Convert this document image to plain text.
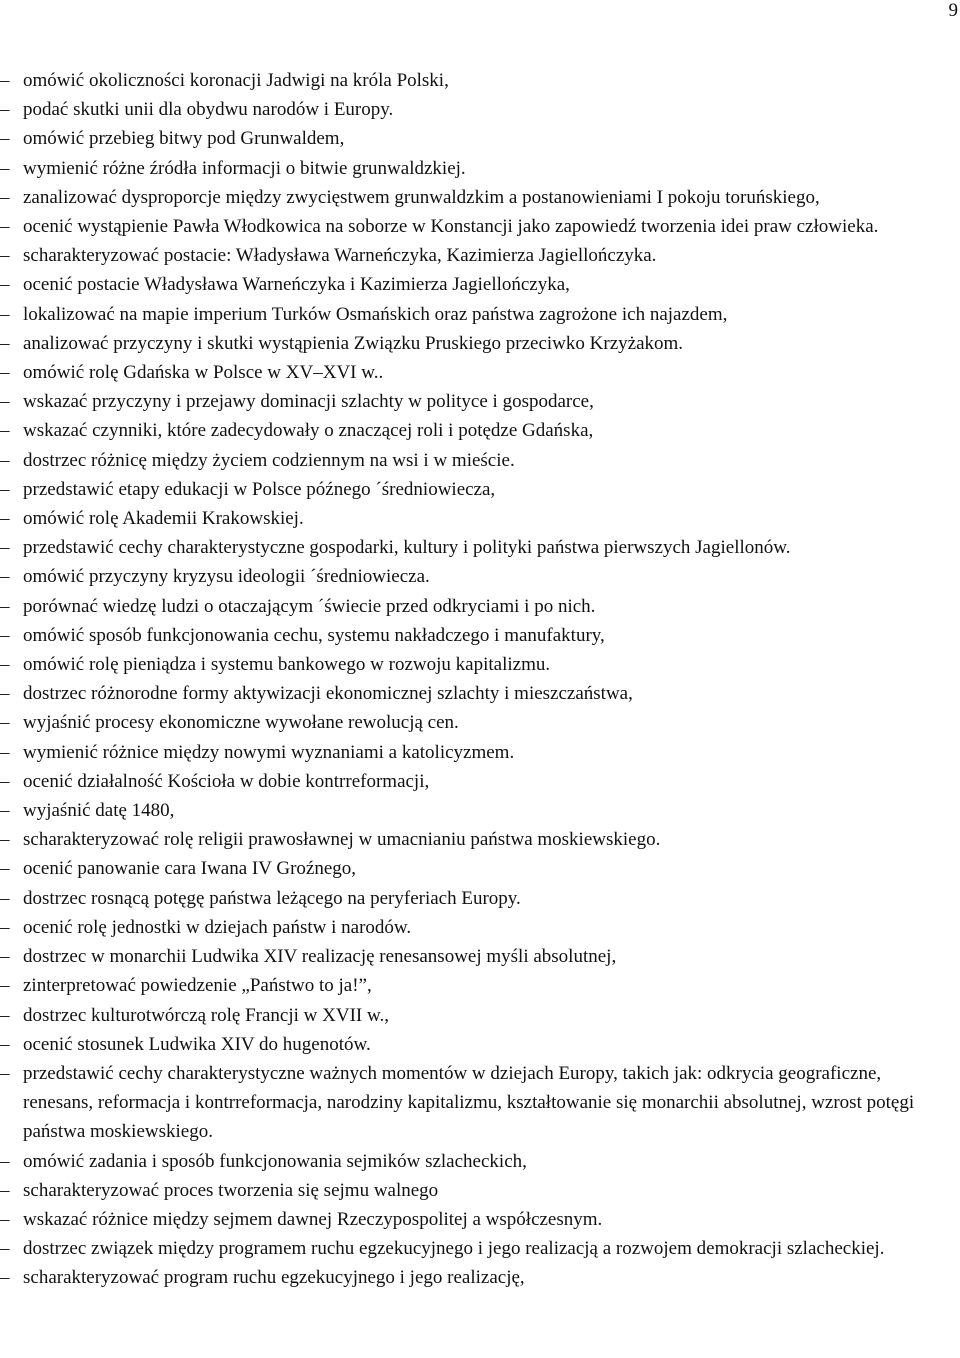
9
– omówić okoliczności koronacji Jadwigi na króla Polski,
– podać skutki unii dla obydwu narodów i Europy.
– omówić przebieg bitwy pod Grunwaldem,
– wymienić różne źródła informacji o bitwie grunwaldzkiej.
– zanalizować dysproporcje między zwycięstwem grunwaldzkim a postanowieniami I pokoju toruńskiego,
– ocenić wystąpienie Pawła Włodkowica na soborze w Konstancji jako zapowiedź tworzenia idei praw człowieka.
– scharakteryzować postacie: Władysława Warneńczyka, Kazimierza Jagiellończyka.
– ocenić postacie Władysława Warneńczyka i Kazimierza Jagiellończyka,
– lokalizować na mapie imperium Turków Osmańskich oraz państwa zagrożone ich najazdem,
– analizować przyczyny i skutki wystąpienia Związku Pruskiego przeciwko Krzyżakom.
– omówić rolę Gdańska w Polsce w XV–XVI w..
– wskazać przyczyny i przejawy dominacji szlachty w polityce i gospodarce,
– wskazać czynniki, które zadecydowały o znaczącej roli i potędze Gdańska,
– dostrzec różnicę między życiem codziennym na wsi i w mieście.
– przedstawić etapy edukacji w Polsce późnego ´średniowiecza,
– omówić rolę Akademii Krakowskiej.
– przedstawić cechy charakterystyczne gospodarki, kultury i polityki państwa pierwszych Jagiellonów.
– omówić przyczyny kryzysu ideologii ´średniowiecza.
– porównać wiedzę ludzi o otaczającym ´świecie przed odkryciami i po nich.
– omówić sposób funkcjonowania cechu, systemu nakładczego i manufaktury,
– omówić rolę pieniądza i systemu bankowego w rozwoju kapitalizmu.
– dostrzec różnorodne formy aktywizacji ekonomicznej szlachty i mieszczaństwa,
– wyjaśnić procesy ekonomiczne wywołane rewolucją cen.
– wymienić różnice między nowymi wyznaniami a katolicyzmem.
– ocenić działalność Kościoła w dobie kontrreformacji,
– wyjaśnić datę 1480,
– scharakteryzować rolę religii prawosławnej w umacnianiu państwa moskiewskiego.
– ocenić panowanie cara Iwana IV Groźnego,
– dostrzec rosnącą potęgę państwa leżącego na peryferiach Europy.
– ocenić rolę jednostki w dziejach państw i narodów.
– dostrzec w monarchii Ludwika XIV realizację renesansowej myśli absolutnej,
– zinterpretować powiedzenie „Państwo to ja!”,
– dostrzec kulturotwórczą rolę Francji w XVII w.,
– ocenić stosunek Ludwika XIV do hugenotów.
– przedstawić cechy charakterystyczne ważnych momentów w dziejach Europy, takich jak: odkrycia geograficzne, renesans, reformacja i kontrreformacja, narodziny kapitalizmu, kształtowanie się monarchii absolutnej, wzrost potęgi państwa moskiewskiego.
– omówić zadania i sposób funkcjonowania sejmików szlacheckich,
– scharakteryzować proces tworzenia się sejmu walnego
– wskazać różnice między sejmem dawnej Rzeczypospolitej a współczesnym.
– dostrzec związek między programem ruchu egzekucyjnego i jego realizacją a rozwojem demokracji szlacheckiej.
– scharakteryzować program ruchu egzekucyjnego i jego realizację,
